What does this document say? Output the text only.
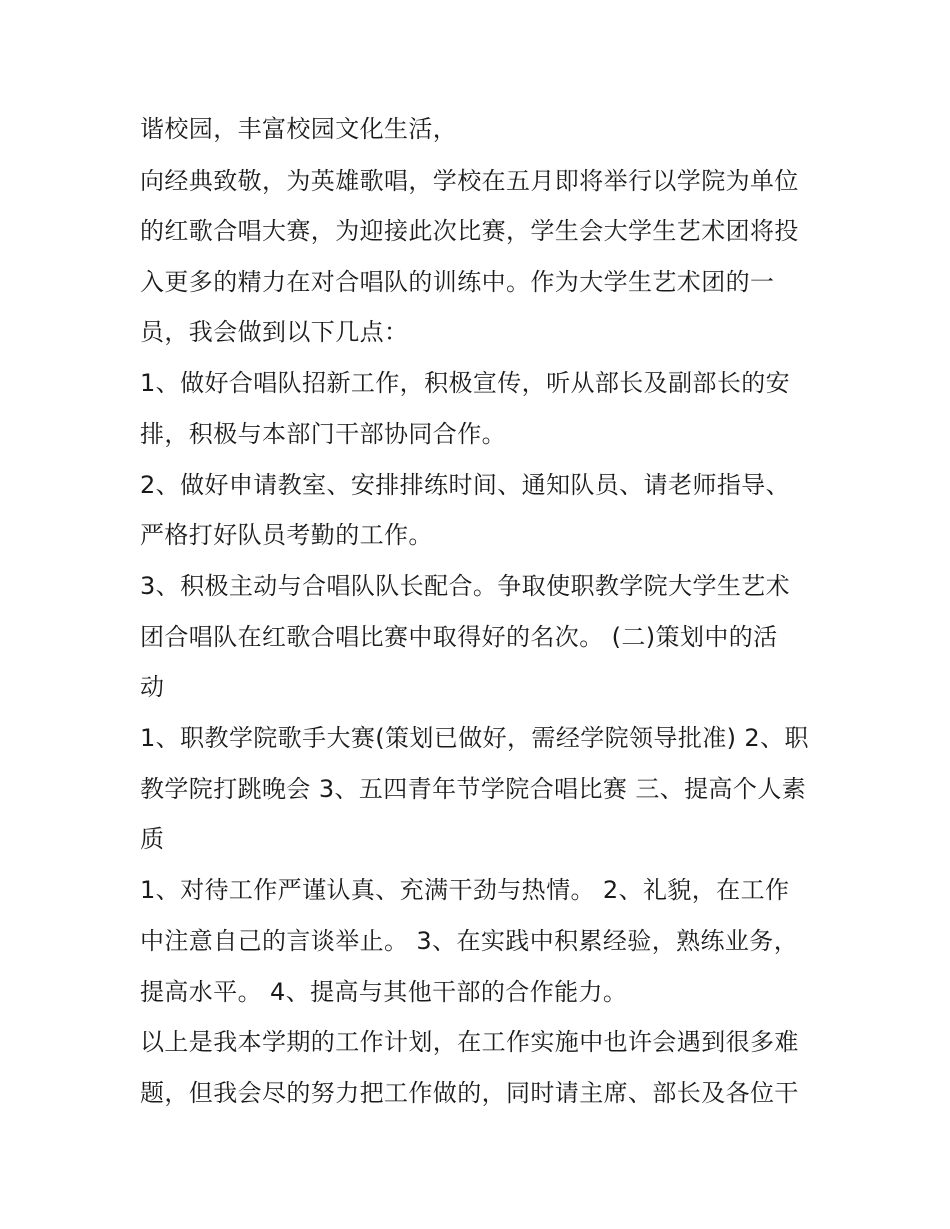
谐校园，丰富校园文化生活，
向经典致敬，为英雄歌唱，学校在五月即将举行以学院为单位
的红歌合唱大赛，为迎接此次比赛，学生会大学生艺术团将投
入更多的精力在对合唱队的训练中。作为大学生艺术团的一
员，我会做到以下几点：
1、做好合唱队招新工作，积极宣传，听从部长及副部长的安
排，积极与本部门干部协同合作。
2、做好申请教室、安排排练时间、通知队员、请老师指导、
严格打好队员考勤的工作。
3、积极主动与合唱队队长配合。争取使职教学院大学生艺术
团合唱队在红歌合唱比赛中取得好的名次。 (二)策划中的活
动
1、职教学院歌手大赛(策划已做好，需经学院领导批准) 2、职
教学院打跳晚会 3、五四青年节学院合唱比赛 三、提高个人素
质
1、对待工作严谨认真、充满干劲与热情。 2、礼貌，在工作
中注意自己的言谈举止。 3、在实践中积累经验，熟练业务，
提高水平。 4、提高与其他干部的合作能力。
以上是我本学期的工作计划，在工作实施中也许会遇到很多难
题，但我会尽的努力把工作做的，同时请主席、部长及各位干
